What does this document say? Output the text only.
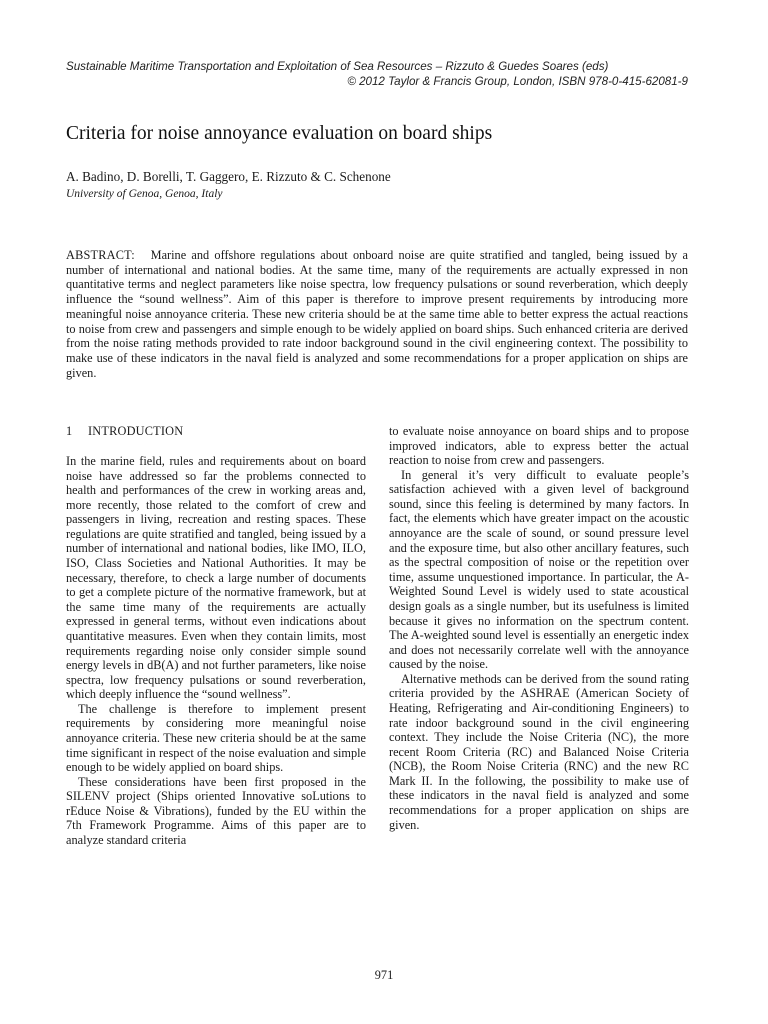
Sustainable Maritime Transportation and Exploitation of Sea Resources – Rizzuto & Guedes Soares (eds)
© 2012 Taylor & Francis Group, London, ISBN 978-0-415-62081-9
Criteria for noise annoyance evaluation on board ships
A. Badino, D. Borelli, T. Gaggero, E. Rizzuto & C. Schenone
University of Genoa, Genoa, Italy
ABSTRACT: Marine and offshore regulations about onboard noise are quite stratified and tangled, being issued by a number of international and national bodies. At the same time, many of the requirements are actually expressed in non quantitative terms and neglect parameters like noise spectra, low frequency pulsations or sound reverberation, which deeply influence the “sound wellness”. Aim of this paper is therefore to improve present requirements by introducing more meaningful noise annoyance criteria. These new criteria should be at the same time able to better express the actual reactions to noise from crew and passengers and simple enough to be widely applied on board ships. Such enhanced criteria are derived from the noise rating methods provided to rate indoor background sound in the civil engineering context. The possibility to make use of these indicators in the naval field is analyzed and some recommendations for a proper application on ships are given.
1 INTRODUCTION

In the marine field, rules and requirements about on board noise have addressed so far the problems connected to health and performances of the crew in working areas and, more recently, those related to the comfort of crew and passengers in living, recreation and resting spaces. These regulations are quite stratified and tangled, being issued by a number of international and national bodies, like IMO, ILO, ISO, Class Societies and National Authorities. It may be necessary, therefore, to check a large number of documents to get a complete picture of the normative framework, but at the same time many of the requirements are actually expressed in general terms, without even indications about quantitative measures. Even when they contain limits, most requirements regarding noise only consider simple sound energy levels in dB(A) and not further parameters, like noise spectra, low frequency pulsations or sound reverberation, which deeply influence the “sound wellness”.

The challenge is therefore to implement present requirements by considering more meaningful noise annoyance criteria. These new criteria should be at the same time significant in respect of the noise evaluation and simple enough to be widely applied on board ships.

These considerations have been first proposed in the SILENV project (Ships oriented Innovative soLutions to rEduce Noise & Vibrations), funded by the EU within the 7th Framework Programme. Aims of this paper are to analyze standard criteria

to evaluate noise annoyance on board ships and to propose improved indicators, able to express better the actual reaction to noise from crew and passengers.

In general it’s very difficult to evaluate people’s satisfaction achieved with a given level of background sound, since this feeling is determined by many factors. In fact, the elements which have greater impact on the acoustic annoyance are the scale of sound, or sound pressure level and the exposure time, but also other ancillary features, such as the spectral composition of noise or the repetition over time, assume unquestioned importance. In particular, the A-Weighted Sound Level is widely used to state acoustical design goals as a single number, but its usefulness is limited because it gives no information on the spectrum content. The A-weighted sound level is essentially an energetic index and does not necessarily correlate well with the annoyance caused by the noise.

Alternative methods can be derived from the sound rating criteria provided by the ASHRAE (American Society of Heating, Refrigerating and Air-conditioning Engineers) to rate indoor background sound in the civil engineering context. They include the Noise Criteria (NC), the more recent Room Criteria (RC) and Balanced Noise Criteria (NCB), the Room Noise Criteria (RNC) and the new RC Mark II. In the following, the possibility to make use of these indicators in the naval field is analyzed and some recommendations for a proper application on ships are given.

971
